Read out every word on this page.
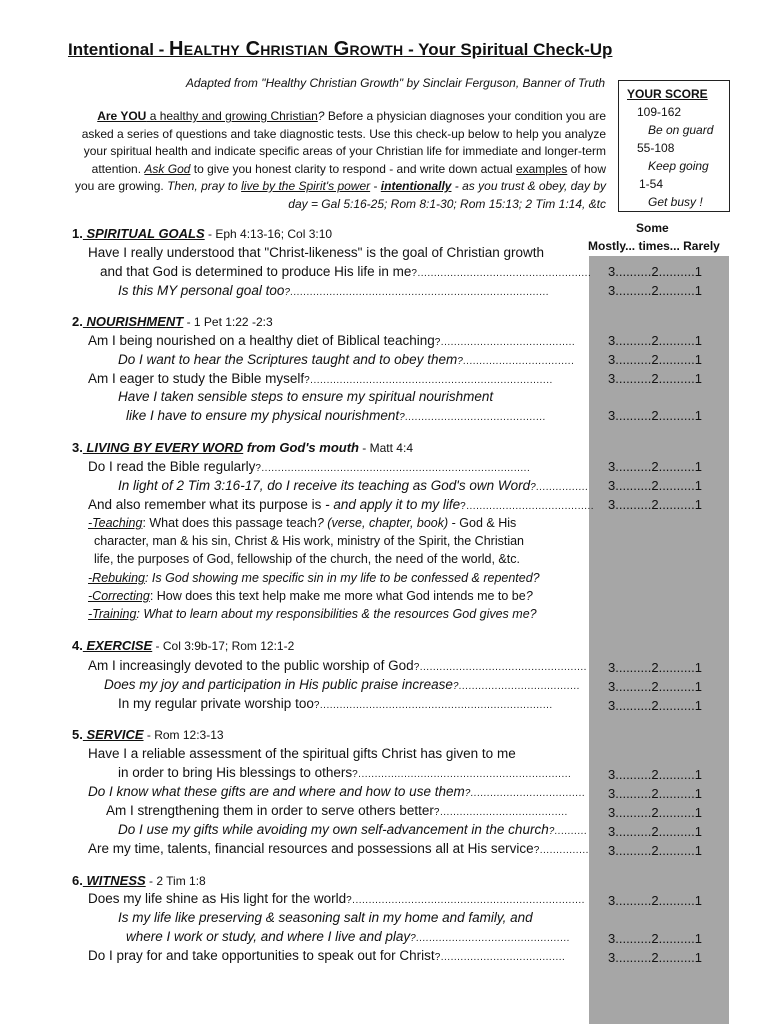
Intentional - Healthy Christian Growth - Your Spiritual Check-Up
Adapted from "Healthy Christian Growth" by Sinclair Ferguson, Banner of Truth
Are YOU a healthy and growing Christian? Before a physician diagnoses your condition you are asked a series of questions and take diagnostic tests. Use this check-up below to help you analyze your spiritual health and indicate specific areas of your Christian life for immediate and longer-term attention. Ask God to give you honest clarity to respond - and write down actual examples of how you are growing. Then, pray to live by the Spirit's power - intentionally - as you trust & obey, day by day = Gal 5:16-25; Rom 8:1-30; Rom 15:13; 2 Tim 1:14, &tc
YOUR SCORE
109-162
Be on guard
55-108
Keep going
1-54
Get busy !
Some
Mostly... times... Rarely
1. SPIRITUAL GOALS - Eph 4:13-16; Col 3:10
Have I really understood that "Christ-likeness" is the goal of Christian growth
and that God is determined to produce His life in me?..................................................... 3..........2..........1
Is this MY personal goal too?...............................................................................	3..........2..........1
2. NOURISHMENT - 1 Pet 1:22 -2:3
Am I being nourished on a healthy diet of Biblical teaching?.........................................	3..........2..........1
Do I want to hear the Scriptures taught and to obey them?..................................	3..........2..........1
Am I eager to study the Bible myself?..........................................................................	3..........2..........1
Have I taken sensible steps to ensure my spiritual nourishment
like I have to ensure my physical nourishment?...........................................	3..........2..........1
3. LIVING BY EVERY WORD from God's mouth - Matt 4:4
Do I read the Bible regularly?..................................................................................	3..........2..........1
In light of 2 Tim 3:16-17, do I receive its teaching as God's own Word?................ 3..........2..........1
And also remember what its purpose is - and apply it to my life?....................................... 3..........2..........1
-Teaching: What does this passage teach? (verse, chapter, book) - God & His
character, man & his sin, Christ & His work, ministry of the Spirit, the Christian
life, the purposes of God, fellowship of the church, the need of the world, &tc.
-Rebuking: Is God showing me specific sin in my life to be confessed & repented?
-Correcting: How does this text help make me more what God intends me to be?
-Training: What to learn about my responsibilities & the resources God gives me?
4. EXERCISE - Col 3:9b-17; Rom 12:1-2
Am I increasingly devoted to the public worship of God?................................................... 3..........2..........1
Does my joy and participation in His public praise increase?..................................... 3..........2..........1
In my regular private worship too?.......................................................................	3..........2..........1
5. SERVICE - Rom 12:3-13
Have I a reliable assessment of the spiritual gifts Christ has given to me
in order to bring His blessings to others?.................................................................	3..........2..........1
Do I know what these gifts are and where and how to use them?................................... 3..........2..........1
Am I strengthening them in order to serve others better?.......................................	3..........2..........1
Do I use my gifts while avoiding my own self-advancement in the church?.......... 3..........2..........1
Are my time, talents, financial resources and possessions all at His service?............... 3..........2..........1
6. WITNESS - 2 Tim 1:8
Does my life shine as His light for the world?....................................................................... 3..........2..........1
Is my life like preserving & seasoning salt in my home and family, and
where I work or study, and where I live and play?...............................................	3..........2..........1
Do I pray for and take opportunities to speak out for Christ?......................................	3..........2..........1
